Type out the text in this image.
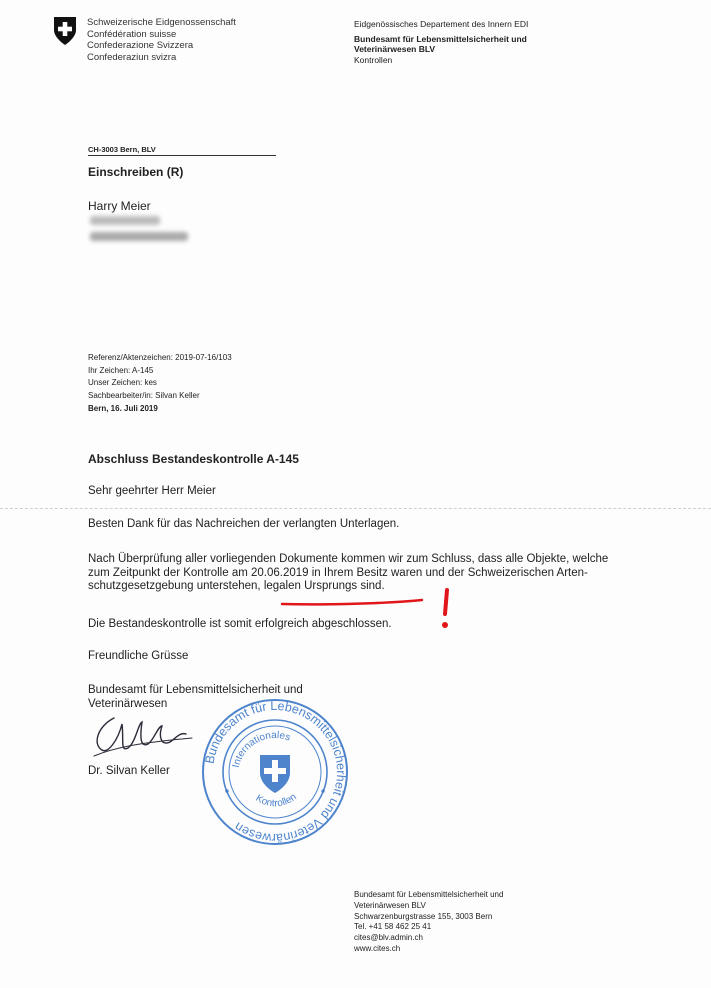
Schweizerische Eidgenossenschaft
Confédération suisse
Confederazione Svizzera
Confederaziun svizra
Eidgenössisches Departement des Innern EDI
Bundesamt für Lebensmittelsicherheit und
Veterinärwesen BLV
Kontrollen
CH-3003 Bern, BLV
Einschreiben (R)
Harry Meier
Referenz/Aktenzeichen: 2019-07-16/103
Ihr Zeichen: A-145
Unser Zeichen: kes
Sachbearbeiter/in: Silvan Keller
Bern, 16. Juli 2019
Abschluss Bestandeskontrolle A-145
Sehr geehrter Herr Meier
Besten Dank für das Nachreichen der verlangten Unterlagen.
Nach Überprüfung aller vorliegenden Dokumente kommen wir zum Schluss, dass alle Objekte, welche
zum Zeitpunkt der Kontrolle am 20.06.2019 in Ihrem Besitz waren und der Schweizerischen Arten-
schutzgesetzgebung unterstehen, legalen Ursprungs sind.
Die Bestandeskontrolle ist somit erfolgreich abgeschlossen.
Freundliche Grüsse
Bundesamt für Lebensmittelsicherheit und
Veterinärwesen
Dr. Silvan Keller
Bundesamt für Lebensmittelsicherheit und Veterinärwesen
Internationales
Kontrollen
Bundesamt für Lebensmittelsicherheit und
Veterinärwesen BLV
Schwarzenburgstrasse 155, 3003 Bern
Tel. +41 58 462 25 41
cites@blv.admin.ch
www.cites.ch
